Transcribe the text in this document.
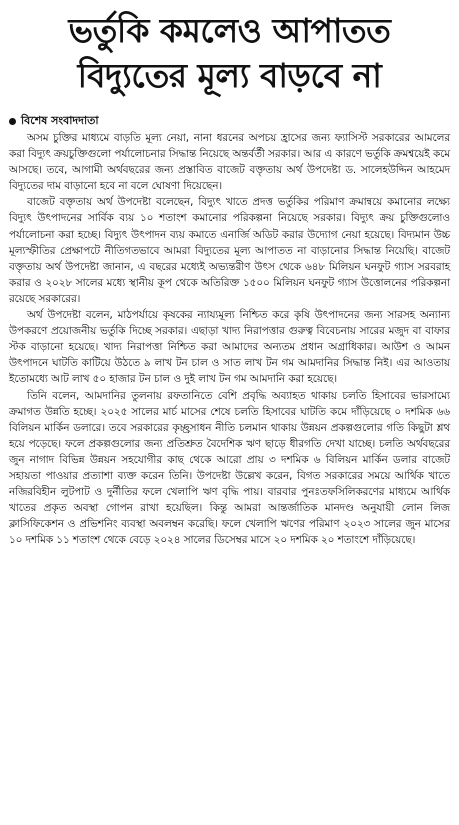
ভর্তুকি কমলেও আপাতত
বিদ্যুতের মূল্য বাড়বে না
বিশেষ সংবাদদাতা

অসম চুক্তির মাধ্যমে বাড়তি মূল্য নেয়া, নানা ধরনের অপচয় হ্রাসের জন্য ফ্যাসিস্ট সরকারের আমলের করা বিদ্যুৎ ক্রয়চুক্তিগুলো পর্যালোচনার সিদ্ধান্ত নিয়েছে অন্তর্বর্তী সরকার। আর এ কারণে ভর্তুকি ক্রমশ্বয়েই কমে আসছে। তবে, আগামী অর্থবছরের জন্য প্রস্তাবিত বাজেট বক্তৃতায় অর্থ উপদেষ্টা ড. সালেহউদ্দিন আহমেদ বিদ্যুতের দাম বাড়ানো হবে না বলে ঘোষণা দিয়েছেন।

বাজেট বক্তৃতায় অর্থ উপদেষ্টা বলেছেন, বিদ্যুৎ খাতে প্রদত্ত ভর্তুকির পরিমাণ ক্রমান্বয়ে কমানোর লক্ষ্যে বিদ্যুৎ উৎপাদনের সার্বিক ব্যয় ১০ শতাংশ কমানোর পরিকল্পনা নিয়েছে সরকার। বিদ্যুৎ ক্রয় চুক্তিগুলোও পর্যালোচনা করা হচ্ছে। বিদ্যুৎ উৎপাদন ব্যয় কমাতে এনার্জি অডিট করার উদ্যোগ নেয়া হয়েছে। বিদ্যমান উচ্চ মূল্যস্ফীতির প্রেক্ষাপটে নীতিগতভাবে আমরা বিদ্যুতের মূল্য আপাতত না বাড়ানোর সিদ্ধান্ত নিয়েছি। বাজেট বক্তৃতায় অর্থ উপদেষ্টা জানান, এ বছরের মধ্যেই অভ্যন্তরীণ উৎস থেকে ৬৪৮ মিলিয়ন ঘনফুট গ্যাস সরবরাহ করার ও ২০২৮ সালের মধ্যে স্থানীয় কূপ থেকে অতিরিক্ত ১৫০০ মিলিয়ন ঘনফুট গ্যাস উত্তোলনের পরিকল্পনা রয়েছে সরকারের।

অর্থ উপদেষ্টা বলেন, মাঠপর্যায়ে কৃষকের ন্যায্যমূল্য নিশ্চিত করে কৃষি উৎপাদনের জন্য সারসহ অন্যান্য উপকরণে প্রয়োজনীয় ভর্তুকি দিচ্ছে সরকার। এছাড়া খাদ্য নিরাপত্তার গুরুত্ব বিবেচনায় সারের মজুদ বা বাফার স্টক বাড়ানো হয়েছে। খাদ্য নিরাপত্তা নিশ্চিত করা আমাদের অন্যতম প্রধান অগ্রাধিকার। আউশ ও আমন উৎপাদনে ঘাটতি কাটিয়ে উঠতে ৯ লাখ টন চাল ও সাত লাখ টন গম আমদানির সিদ্ধান্ত নিই। এর আওতায় ইতোমধ্যে আট লাখ ৫০ হাজার টন চাল ও দুই লাখ টন গম আমদানি করা হয়েছে।

তিনি বলেন, আমদানির তুলনায় রফতানিতে বেশি প্রবৃদ্ধি অব্যাহত থাকায় চলতি হিসাবের ভারসাম্যে ক্রমাগত উন্নতি হচ্ছে। ২০২৫ সালের মার্চ মাসের শেষে চলতি হিসাবের ঘাটতি কমে দাঁড়িয়েছে ০ দশমিক ৬৬ বিলিয়ন মার্কিন ডলারে। তবে সরকারের কৃচ্ছ্রসাধন নীতি চলমান থাকায় উন্নয়ন প্রকল্পগুলোর গতি কিছুটা শ্লথ হয়ে পড়েছে। ফলে প্রকল্পগুলোর জন্য প্রতিশ্রুত বৈদেশিক ঋণ ছাড়ে ধীরগতি দেখা যাচ্ছে। চলতি অর্থবছরের জুন নাগাদ বিভিন্ন উন্নয়ন সহযোগীর কাছ থেকে আরো প্রায় ৩ দশমিক ৬ বিলিয়ন মার্কিন ডলার বাজেট সহায়তা পাওয়ার প্রত্যাশা ব্যক্ত করেন তিনি। উপদেষ্টা উল্লেখ করেন, বিগত সরকারের সময়ে আর্থিক খাতে নজিরবিহীন লুটপাট ও দুর্নীতির ফলে খেলাপি ঋণ বৃদ্ধি পায়। বারবার পুনঃতফসিলিকরণের মাধ্যমে আর্থিক খাতের প্রকৃত অবস্থা গোপন রাখা হয়েছিল। কিন্তু আমরা আন্তর্জাতিক মানদণ্ড অনুযায়ী লোন লিজ ক্লাসিফিকেশন ও প্রভিশনিং ব্যবস্থা অবলম্বন করেছি। ফলে খেলাপি ঋণের পরিমাণ ২০২৩ সালের জুন মাসের ১০ দশমিক ১১ শতাংশ থেকে বেড়ে ২০২৪ সালের ডিসেম্বর মাসে ২০ দশমিক ২০ শতাংশে দাঁড়িয়েছে।
